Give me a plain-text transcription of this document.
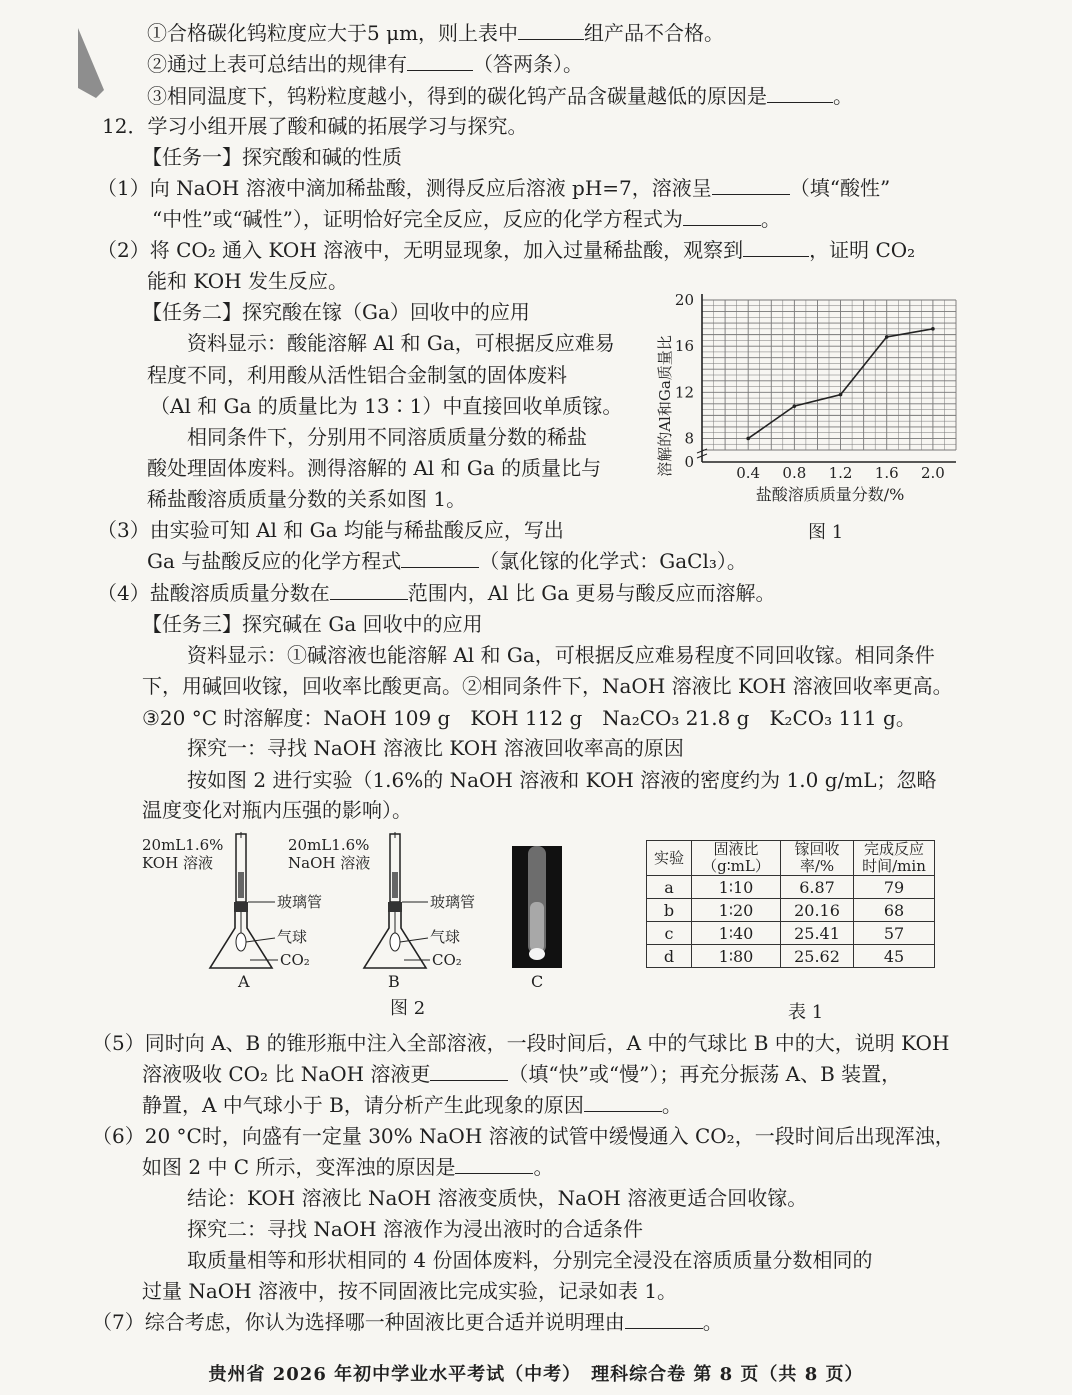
①合格碳化钨粒度应大于5 μm，则上表中	组产品不合格。
②通过上表可总结出的规律有	（答两条）。
③相同温度下，钨粉粒度越小，得到的碳化钨产品含碳量越低的原因是	。
12．学习小组开展了酸和碱的拓展学习与探究。
【任务一】探究酸和碱的性质
（1）向 NaOH 溶液中滴加稀盐酸，测得反应后溶液 pH=7，溶液呈	（填“酸性”
“中性”或“碱性”），证明恰好完全反应，反应的化学方程式为	。
（2）将 CO₂ 通入 KOH 溶液中，无明显现象，加入过量稀盐酸，观察到	，证明 CO₂
能和 KOH 发生反应。
【任务二】探究酸在镓（Ga）回收中的应用
资料显示：酸能溶解 Al 和 Ga，可根据反应难易
程度不同，利用酸从活性铝合金制氢的固体废料
（Al 和 Ga 的质量比为 13∶1）中直接回收单质镓。
相同条件下，分别用不同溶质质量分数的稀盐
酸处理固体废料。测得溶解的 Al 和 Ga 的质量比与
稀盐酸溶质质量分数的关系如图 1。
（3）由实验可知 Al 和 Ga 均能与稀盐酸反应，写出
Ga 与盐酸反应的化学方程式	（氯化镓的化学式：GaCl₃）。
（4）盐酸溶质质量分数在	范围内，Al 比 Ga 更易与酸反应而溶解。
【任务三】探究碱在 Ga 回收中的应用
资料显示：①碱溶液也能溶解 Al 和 Ga，可根据反应难易程度不同回收镓。相同条件
下，用碱回收镓，回收率比酸更高。②相同条件下，NaOH 溶液比 KOH 溶液回收率更高。
③20 °C 时溶解度：NaOH 109 g　KOH 112 g　Na₂CO₃ 21.8 g　K₂CO₃ 111 g。
探究一：寻找 NaOH 溶液比 KOH 溶液回收率高的原因
按如图 2 进行实验（1.6%的 NaOH 溶液和 KOH 溶液的密度约为 1.0 g/mL；忽略
温度变化对瓶内压强的影响）。
（5）同时向 A、B 的锥形瓶中注入全部溶液，一段时间后，A 中的气球比 B 中的大，说明 KOH
溶液吸收 CO₂ 比 NaOH 溶液更	（填“快”或“慢”）；再充分振荡 A、B 装置，
静置，A 中气球小于 B，请分析产生此现象的原因	。
（6）20 °C时，向盛有一定量 30% NaOH 溶液的试管中缓慢通入 CO₂，一段时间后出现浑浊，
如图 2 中 C 所示，变浑浊的原因是	。
结论：KOH 溶液比 NaOH 溶液变质快，NaOH 溶液更适合回收镓。
探究二：寻找 NaOH 溶液作为浸出液时的合适条件
取质量相等和形状相同的 4 份固体废料，分别完全浸没在溶质质量分数相同的
过量 NaOH 溶液中，按不同固液比完成实验，记录如表 1。
（7）综合考虑，你认为选择哪一种固液比更合适并说明理由	。
0
8
12
16
20
0.4 0.8 1.2 1.6 2.0
溶解的Al和Ga质量比
盐酸溶质质量分数/%
图 1
20mL1.6%
KOH 溶液
20mL1.6%
NaOH 溶液
玻璃管
气球
CO₂
玻璃管
气球
CO₂
A	B	C
图 2
实验	固液比（g∶mL）	镓回收率/%	完成反应时间/min
a	1∶10	6.87	79
b	1∶20	20.16	68
c	1∶40	25.41	57
d	1∶80	25.62	45
表 1
贵州省 2026 年初中学业水平考试（中考）　理科综合卷 第 8 页（共 8 页）
